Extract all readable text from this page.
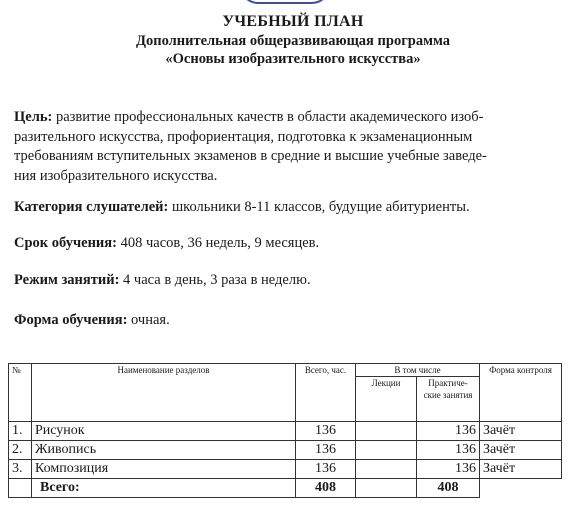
УЧЕБНЫЙ ПЛАН
Дополнительная общеразвивающая программа
«Основы изобразительного искусства»
Цель: развитие профессиональных качеств в области академического изоб-
разительного искусства, профориентация, подготовка к экзаменационным
требованиям вступительных экзаменов в средние и высшие учебные заведе-
ния изобразительного искусства.
Категория слушателей: школьники 8-11 классов, будущие абитуриенты.
Срок обучения: 408 часов, 36 недель, 9 месяцев.
Режим занятий: 4 часа в день, 3 раза в неделю.
Форма обучения: очная.
№	Наименование разделов	Всего, час.	В том числе		Форма контроля
			Лекции	Практиче-ские занятия	
1.	Рисунок	136		136	Зачёт
2.	Живопись	136		136	Зачёт
3.	Композиция	136		136	Зачёт
	Всего:	408		408	
